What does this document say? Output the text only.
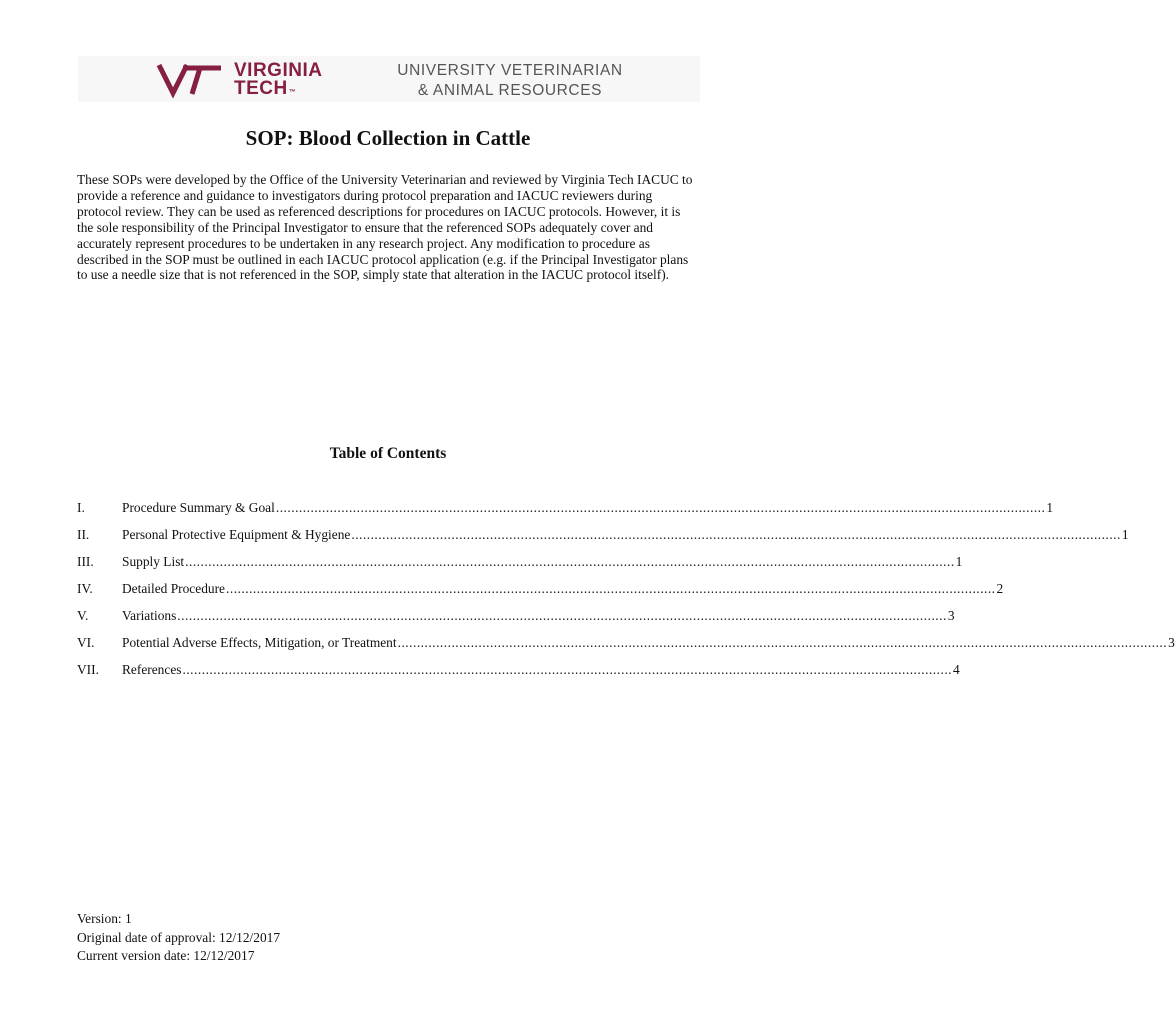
VIRGINIA
TECH™
UNIVERSITY VETERINARIAN
& ANIMAL RESOURCES
SOP: Blood Collection in Cattle

These SOPs were developed by the Office of the University Veterinarian and reviewed by Virginia Tech IACUC to provide a reference and guidance to investigators during protocol preparation and IACUC reviewers during protocol review. They can be used as referenced descriptions for procedures on IACUC protocols. However, it is the sole responsibility of the Principal Investigator to ensure that the referenced SOPs adequately cover and accurately represent procedures to be undertaken in any research project. Any modification to procedure as described in the SOP must be outlined in each IACUC protocol application (e.g. if the Principal Investigator plans to use a needle size that is not referenced in the SOP, simply state that alteration in the IACUC protocol itself).

Table of Contents
I.	Procedure Summary & Goal ........................................................................................................................................................................................................ 1
II. Personal Protective Equipment & Hygiene ........................................................................................................................................................................................................ 1
III. Supply List ........................................................................................................................................................................................................ 1
IV. Detailed Procedure ........................................................................................................................................................................................................ 2
V.	Variations ........................................................................................................................................................................................................ 3
VI. Potential Adverse Effects, Mitigation, or Treatment ........................................................................................................................................................................................................ 3
VII. References ........................................................................................................................................................................................................ 4
Version: 1
Original date of approval: 12/12/2017
Current version date: 12/12/2017
